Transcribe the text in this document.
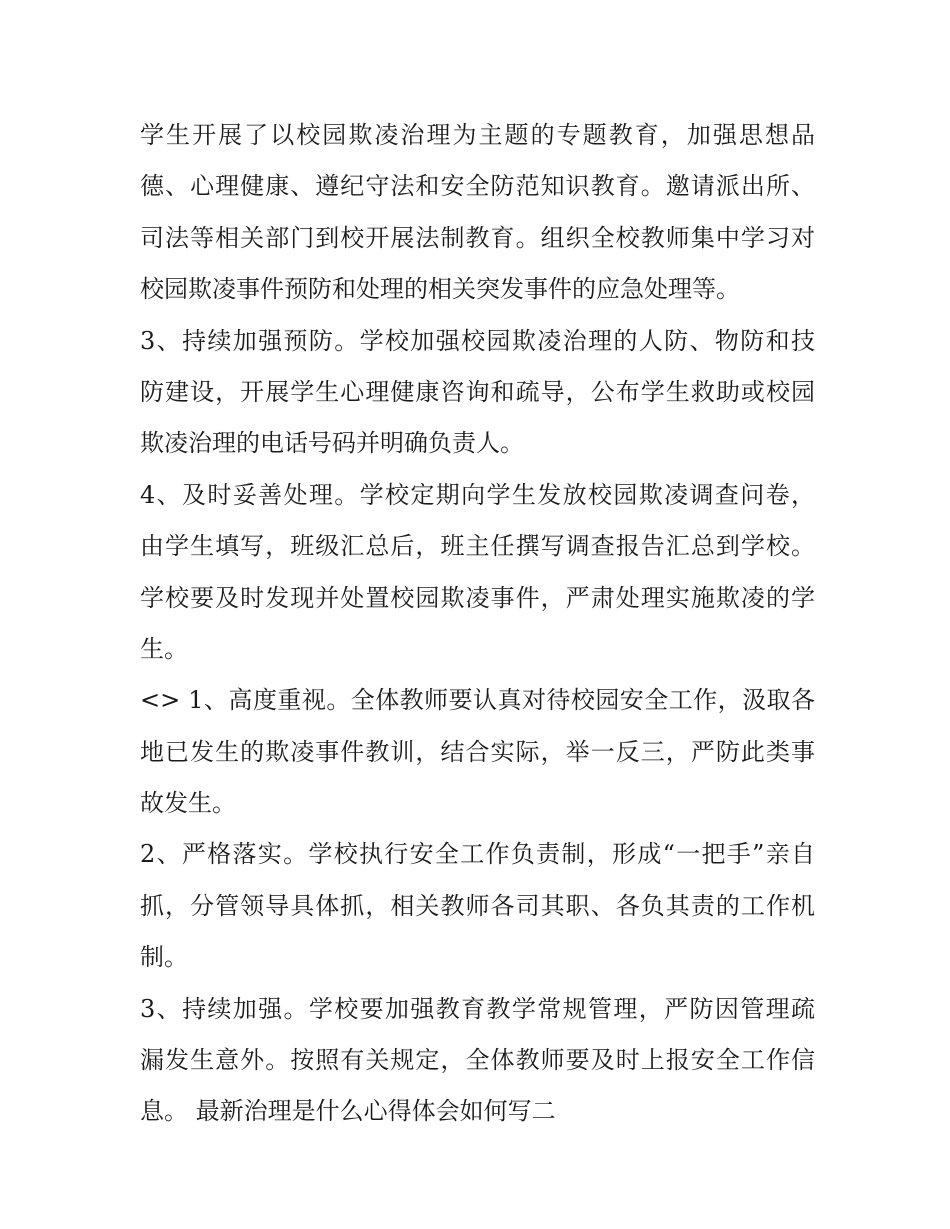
学生开展了以校园欺凌治理为主题的专题教育，加强思想品
德、心理健康、遵纪守法和安全防范知识教育。邀请派出所、
司法等相关部门到校开展法制教育。组织全校教师集中学习对
校园欺凌事件预防和处理的相关突发事件的应急处理等。
3、持续加强预防。学校加强校园欺凌治理的人防、物防和技
防建设，开展学生心理健康咨询和疏导，公布学生救助或校园
欺凌治理的电话号码并明确负责人。
4、及时妥善处理。学校定期向学生发放校园欺凌调查问卷，
由学生填写，班级汇总后，班主任撰写调查报告汇总到学校。
学校要及时发现并处置校园欺凌事件，严肃处理实施欺凌的学
生。
<> 1、高度重视。全体教师要认真对待校园安全工作，汲取各
地已发生的欺凌事件教训，结合实际，举一反三，严防此类事
故发生。
2、严格落实。学校执行安全工作负责制，形成“一把手”亲自
抓，分管领导具体抓，相关教师各司其职、各负其责的工作机
制。
3、持续加强。学校要加强教育教学常规管理，严防因管理疏
漏发生意外。按照有关规定，全体教师要及时上报安全工作信
息。 最新治理是什么心得体会如何写二
